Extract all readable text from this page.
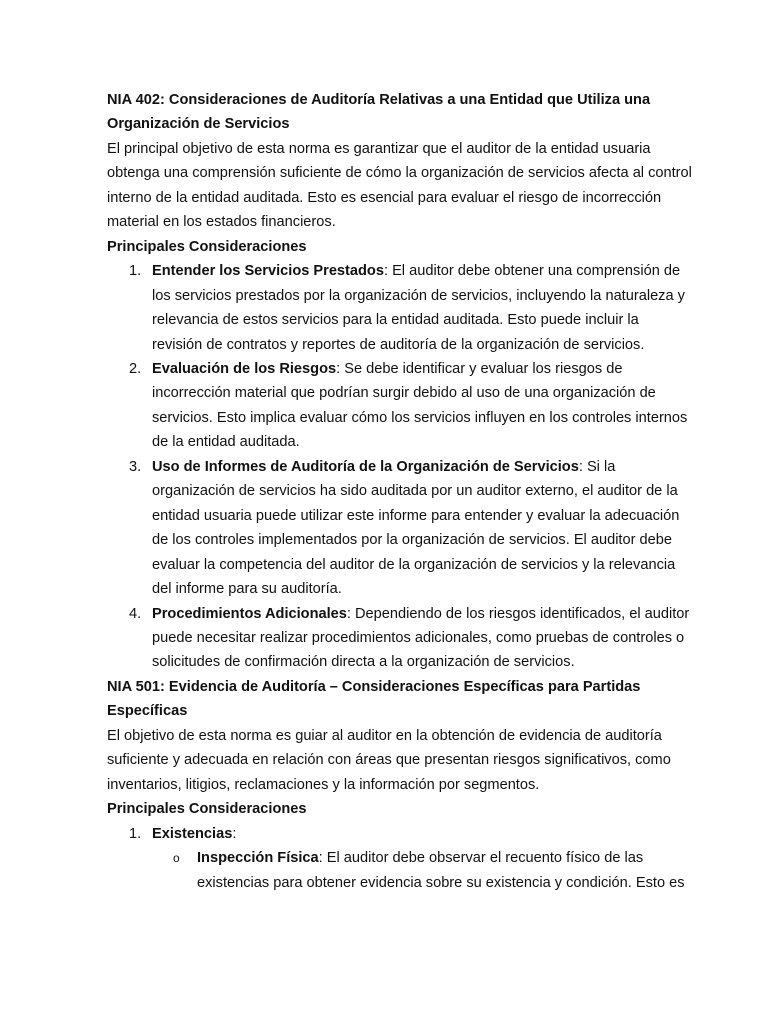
NIA 402: Consideraciones de Auditoría Relativas a una Entidad que Utiliza una
Organización de Servicios
El principal objetivo de esta norma es garantizar que el auditor de la entidad usuaria
obtenga una comprensión suficiente de cómo la organización de servicios afecta al control
interno de la entidad auditada. Esto es esencial para evaluar el riesgo de incorrección
material en los estados financieros.
Principales Consideraciones
1. Entender los Servicios Prestados: El auditor debe obtener una comprensión de
los servicios prestados por la organización de servicios, incluyendo la naturaleza y
relevancia de estos servicios para la entidad auditada. Esto puede incluir la
revisión de contratos y reportes de auditoría de la organización de servicios.
2. Evaluación de los Riesgos: Se debe identificar y evaluar los riesgos de
incorrección material que podrían surgir debido al uso de una organización de
servicios. Esto implica evaluar cómo los servicios influyen en los controles internos
de la entidad auditada.
3. Uso de Informes de Auditoría de la Organización de Servicios: Si la
organización de servicios ha sido auditada por un auditor externo, el auditor de la
entidad usuaria puede utilizar este informe para entender y evaluar la adecuación
de los controles implementados por la organización de servicios. El auditor debe
evaluar la competencia del auditor de la organización de servicios y la relevancia
del informe para su auditoría.
4. Procedimientos Adicionales: Dependiendo de los riesgos identificados, el auditor
puede necesitar realizar procedimientos adicionales, como pruebas de controles o
solicitudes de confirmación directa a la organización de servicios.
NIA 501: Evidencia de Auditoría – Consideraciones Específicas para Partidas
Específicas
El objetivo de esta norma es guiar al auditor en la obtención de evidencia de auditoría
suficiente y adecuada en relación con áreas que presentan riesgos significativos, como
inventarios, litigios, reclamaciones y la información por segmentos.
Principales Consideraciones
1. Existencias:
o Inspección Física: El auditor debe observar el recuento físico de las
existencias para obtener evidencia sobre su existencia y condición. Esto es
